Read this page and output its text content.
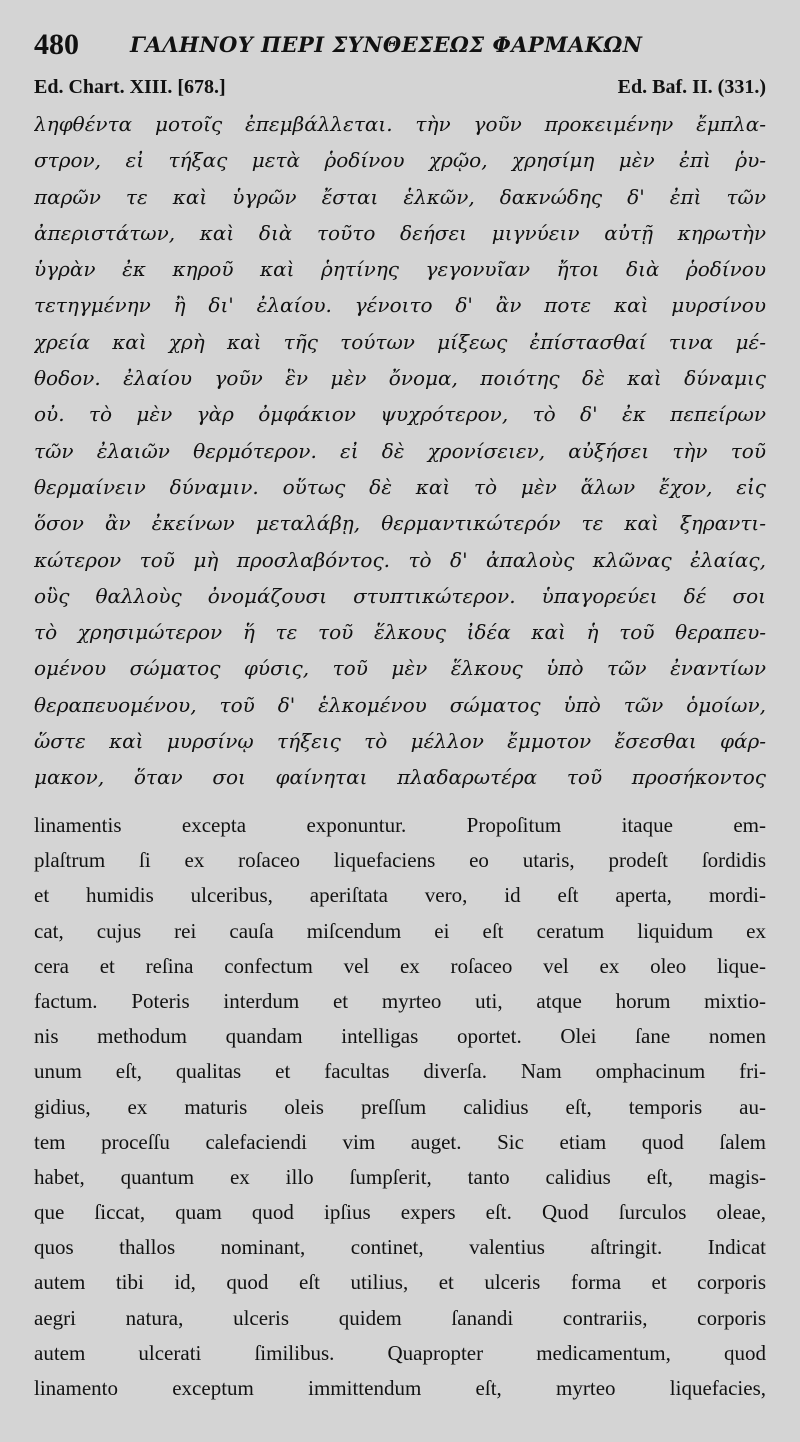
480 ΓΑΛΗΝΟΥ ΠΕΡΙ ΣΥΝΘΕΣΕΩΣ ΦΑΡΜΑΚΩΝ
Ed. Chart. XIII. [678.]	Ed. Baf. II. (331.)
ληφθέντα μοτοῖς ἐπεμβάλλεται. τὴν γοῦν προκειμένην ἔμπλα-
στρον, εἰ τήξας μετὰ ῥοδίνου χρῷο, χρησίμη μὲν ἐπὶ ῥυ-
παρῶν τε καὶ ὑγρῶν ἔσται ἑλκῶν, δακνώδης δ' ἐπὶ τῶν
ἀπεριστάτων, καὶ διὰ τοῦτο δεήσει μιγνύειν αὐτῇ κηρωτὴν
ὑγρὰν ἐκ κηροῦ καὶ ῥητίνης γεγονυῖαν ἤτοι διὰ ῥοδίνου
τετηγμένην ἢ δι' ἐλαίου. γένοιτο δ' ἂν ποτε καὶ μυρσίνου
χρεία καὶ χρὴ καὶ τῆς τούτων μίξεως ἐπίστασθαί τινα μέ-
θοδον. ἐλαίου γοῦν ἓν μὲν ὄνομα, ποιότης δὲ καὶ δύναμις
οὐ. τὸ μὲν γὰρ ὀμφάκιον ψυχρότερον, τὸ δ' ἐκ πεπείρων
τῶν ἐλαιῶν θερμότερον. εἰ δὲ χρονίσειεν, αὐξήσει τὴν τοῦ
θερμαίνειν δύναμιν. οὕτως δὲ καὶ τὸ μὲν ἅλων ἔχον, εἰς
ὅσον ἂν ἐκείνων μεταλάβῃ, θερμαντικώτερόν τε καὶ ξηραντι-
κώτερον τοῦ μὴ προσλαβόντος. τὸ δ' ἀπαλοὺς κλῶνας ἐλαίας,
οὓς θαλλοὺς ὀνομάζουσι στυπτικώτερον. ὑπαγορεύει δέ σοι
τὸ χρησιμώτερον ἥ τε τοῦ ἕλκους ἰδέα καὶ ἡ τοῦ θεραπευ-
ομένου σώματος φύσις, τοῦ μὲν ἕλκους ὑπὸ τῶν ἐναντίων
θεραπευομένου, τοῦ δ' ἑλκομένου σώματος ὑπὸ τῶν ὁμοίων,
ὥστε καὶ μυρσίνῳ τήξεις τὸ μέλλον ἔμμοτον ἔσεσθαι φάρ-
μακον, ὅταν σοι φαίνηται πλαδαρωτέρα τοῦ προσήκοντος
linamentis excepta exponuntur. Propoſitum itaque em-
plaſtrum ſi ex roſaceo liquefaciens eo utaris, prodeſt ſordidis
et humidis ulceribus, aperiſtata vero, id eſt aperta, mordi-
cat, cujus rei cauſa miſcendum ei eſt ceratum liquidum ex
cera et reſina confectum vel ex roſaceo vel ex oleo lique-
factum. Poteris interdum et myrteo uti, atque horum mixtio-
nis methodum quandam intelligas oportet. Olei ſane nomen
unum eſt, qualitas et facultas diverſa. Nam omphacinum fri-
gidius, ex maturis oleis preſſum calidius eſt, temporis au-
tem proceſſu calefaciendi vim auget. Sic etiam quod ſalem
habet, quantum ex illo ſumpſerit, tanto calidius eſt, magis-
que ſiccat, quam quod ipſius expers eſt. Quod ſurculos oleae,
quos thallos nominant, continet, valentius aſtringit. Indicat
autem tibi id, quod eſt utilius, et ulceris forma et corporis
aegri natura, ulceris quidem ſanandi contrariis, corporis
autem ulcerati ſimilibus. Quapropter medicamentum, quod
linamento exceptum immittendum eſt, myrteo liquefacies,
